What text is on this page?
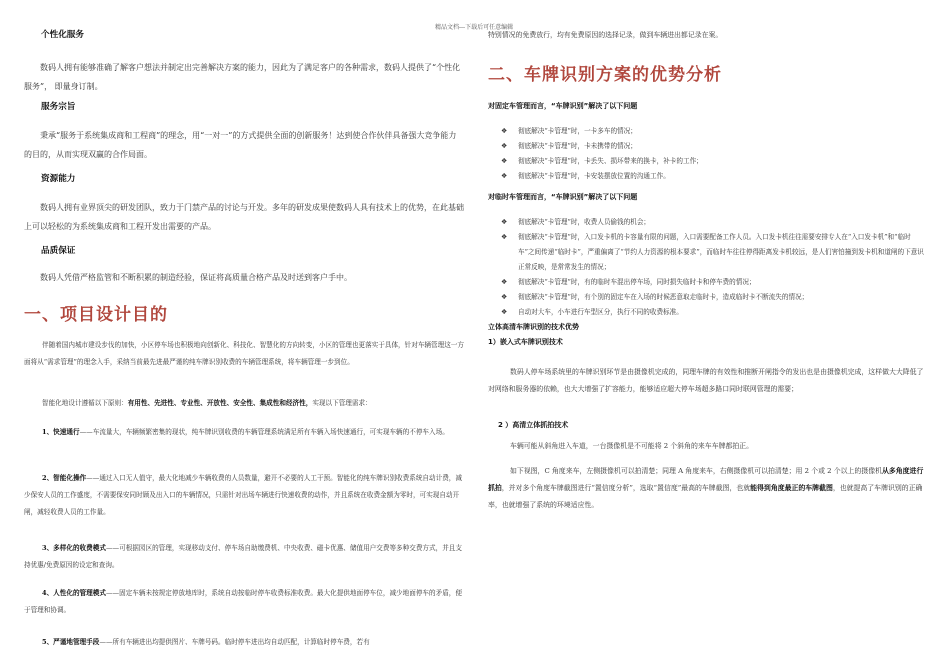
精品文档---下载后可任意编辑
个性化服务
数码人拥有能够准确了解客户想法并制定出完善解决方案的能力，因此为了满足客户的各种需求，数码人提供了“个性化服务”， 即量身订制。
服务宗旨
秉承“服务于系统集成商和工程商”的理念，用“一对一”的方式提供全面的创新服务！达到使合作伙伴具备强大竞争能力的目的，从而实现双赢的合作局面。
资源能力
数码人拥有业界顶尖的研发团队，致力于门禁产品的讨论与开发。多年的研发成果使数码人具有技术上的优势，在此基础上可以轻松的为系统集成商和工程开发出需要的产品。
品质保证
数码人凭借严格监管和不断积累的制造经验，保证将高质量合格产品及时送到客户手中。
一、项目设计目的
伴随着国内城市建设步伐的加快，小区停车场也积极地向创新化、科技化、智慧化的方向转变，小区的管理也更落实于具体，针对车辆管理这一方面将从“需求管理”的理念入手，采纳当前最先进最严谨的纯车牌识别收费的车辆管理系统，将车辆管理一步到位。
智能化地设计遵循以下原则：有用性、先进性、专业性、开放性、安全性、集成性和经济性，实现以下管理需求：
1、快速通行——车流量大，车辆频繁密集的现状，纯车牌识别收费的车辆管理系统满足所有车辆入场快速通行，可实现车辆的不停车入场。
2、智能化操作——通过入口无人值守，最大化地减少车辆收费的人员数量，避开不必要的人工干预。智能化的纯车牌识别收费系统自动计费，减少保安人员的工作盛度，不需要保安同时顾及出入口的车辆情况，只需针对出场车辆进行快速收费的动作，并且系统在收费金额为零时，可实现自动开闸，减轻收费人员的工作量。
3、多样化的收费模式——可根据园区的管理，实现移动支付、停车场自助缴费机、中央收费、磁卡优惠、储值用户交费等多种交费方式，并且支持优惠/免费原因的设定和查询。
4、人性化的管理模式——固定车辆未按规定停放地库时，系统自动按临时停车收费标准收费。最大化提供地面停车位，减少地面停车的矛盾，便于管理和协调。
5、严谨地管理手段——所有车辆进出均提供图片、车牌号码。临时停车进出均自动匹配，计算临时停车费，若有
特别情况的免费放行，均有免费原因的选择记录，做到车辆进出都记录在案。
二、车牌识别方案的优势分析
对固定车管理而言，“车牌识别”解决了以下问题
❖ 彻底解决“卡管理”时，一卡多车的情况；
❖ 彻底解决“卡管理”时，卡未携带的情况；
❖ 彻底解决“卡管理”时，卡丢失、损坏带来的换卡，补卡的工作；
❖ 彻底解决“卡管理”时，卡安装摆放位置的沟通工作。
对临时车管理而言，“车牌识别”解决了以下问题
❖ 彻底解决“卡管理”时，收费人员偷钱的机会；
❖ 彻底解决“卡管理”时，入口发卡机的卡容量有限的问题，入口需要配备工作人员。入口发卡机往往需要安排专人在“入口发卡机”和“临时车”之间传递“临时卡”，严重偏离了“节约人力资源的根本要求”，而临时车往往停得距离发卡机较远，是人们害怕撞到发卡机和道闸的下意识正常反映，是常常发生的情况；
❖ 彻底解决“卡管理”时，有的临时车混出停车场，同时损失临时卡和停车费的情况；
❖ 彻底解决“卡管理”时，有个别的固定车在入场的时候恶意取走临时卡，造成临时卡不断流失的情况；
❖ 自动对大车，小车进行车型区分，执行不同的收费标准。
立体高清车牌识别的技术优势
1）嵌入式车牌识别技术
数码人停车场系统里的车牌识别环节是由摄像机完成的，同理车牌的有效性和推断开闸指令的发出也是由摄像机完成，这样做大大降低了对网络和服务器的依赖，也大大增强了扩容能力，能够适应超大停车场超多路口同时联网管理的需要；
2 ）高清立体抓拍技术
车辆可能从斜角进入车道，一台摄像机是不可能将 2 个斜角的来车车牌都拍正。
如下视图，C 角度来车，左侧摄像机可以拍清楚；同理 A 角度来车，右侧摄像机可以拍清楚；用 2 个或 2 个以上的摄像机从多角度进行抓拍，并对多个角度车牌截图进行“置信度分析”，选取“置信度”最高的车牌截图，也就能得到角度最正的车牌截图，也就提高了车牌识别的正确率，也就增强了系统的环境适应性。
